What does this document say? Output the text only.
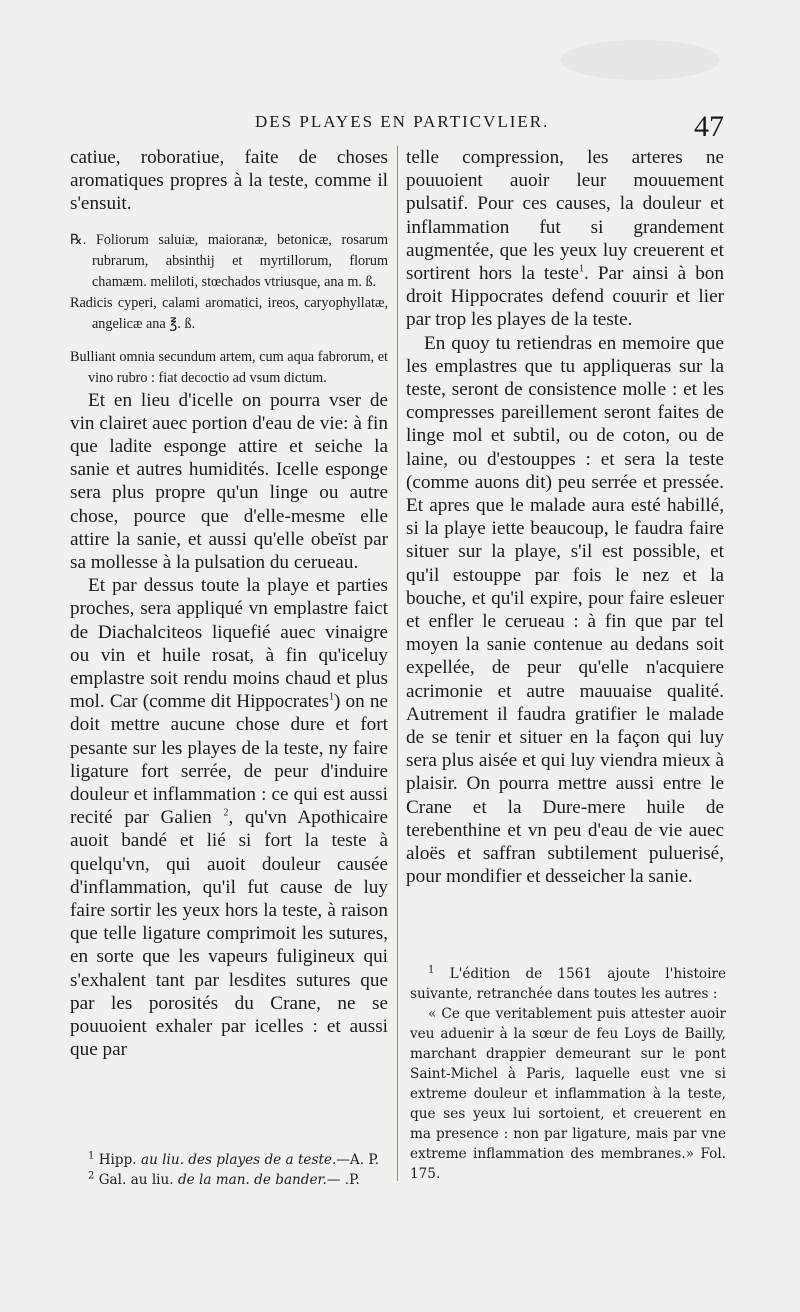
DES PLAYES EN PARTICVLIER.	47

catiue, roboratiue, faite de choses aromatiques propres à la teste, comme il s'ensuit.

℞. Foliorum saluiæ, maioranæ, betonicæ, rosarum rubrarum, absinthij et myrtillorum, florum chamæm. meliloti, stœchados vtriusque, ana m. ß.

Radicis cyperi, calami aromatici, ireos, caryophyllatæ, angelicæ ana ℥. ß.

Bulliant omnia secundum artem, cum aqua fabrorum, et vino rubro : fiat decoctio ad vsum dictum.

Et en lieu d'icelle on pourra vser de vin clairet auec portion d'eau de vie: à fin que ladite esponge attire et seiche la sanie et autres humidités. Icelle esponge sera plus propre qu'un linge ou autre chose, pource que d'elle-mesme elle attire la sanie, et aussi qu'elle obeïst par sa mollesse à la pulsation du cerueau.

Et par dessus toute la playe et parties proches, sera appliqué vn emplastre faict de Diachalciteos liquefié auec vinaigre ou vin et huile rosat, à fin qu'iceluy emplastre soit rendu moins chaud et plus mol. Car (comme dit Hippocrates$^1$) on ne doit mettre aucune chose dure et fort pesante sur les playes de la teste, ny faire ligature fort serrée, de peur d'induire douleur et inflammation : ce qui est aussi recité par Galien $^2$, qu'vn Apothicaire auoit bandé et lié si fort la teste à quelqu'vn, qui auoit douleur causée d'inflammation, qu'il fut cause de luy faire sortir les yeux hors la teste, à raison que telle ligature comprimoit les sutures, en sorte que les vapeurs fuligineux qui s'exhalent tant par lesdites sutures que par les porosités du Crane, ne se pouuoient exhaler par icelles : et aussi que par

$^1$ Hipp. au liu. des playes de a teste.—A. P.

$^2$ Gal. au liu. de la man. de bander.— .P.

telle compression, les arteres ne pouuoient auoir leur mouuement pulsatif. Pour ces causes, la douleur et inflammation fut si grandement augmentée, que les yeux luy creuerent et sortirent hors la teste$^1$. Par ainsi à bon droit Hippocrates defend couurir et lier par trop les playes de la teste.

En quoy tu retiendras en memoire que les emplastres que tu appliqueras sur la teste, seront de consistence molle : et les compresses pareillement seront faites de linge mol et subtil, ou de coton, ou de laine, ou d'estouppes : et sera la teste (comme auons dit) peu serrée et pressée. Et apres que le malade aura esté habillé, si la playe iette beaucoup, le faudra faire situer sur la playe, s'il est possible, et qu'il estouppe par fois le nez et la bouche, et qu'il expire, pour faire esleuer et enfler le cerueau : à fin que par tel moyen la sanie contenue au dedans soit expellée, de peur qu'elle n'acquiere acrimonie et autre mauuaise qualité. Autrement il faudra gratifier le malade de se tenir et situer en la façon qui luy sera plus aisée et qui luy viendra mieux à plaisir. On pourra mettre aussi entre le Crane et la Dure-mere huile de terebenthine et vn peu d'eau de vie auec aloës et saffran subtilement puluerisé, pour mondifier et desseicher la sanie.

$^1$ L'édition de 1561 ajoute l'histoire suivante, retranchée dans toutes les autres :

« Ce que veritablement puis attester auoir veu aduenir à la sœur de feu Loys de Bailly, marchant drappier demeurant sur le pont Saint-Michel à Paris, laquelle eust vne si extreme douleur et inflammation à la teste, que ses yeux lui sortoient, et creuerent en ma presence : non par ligature, mais par vne extreme inflammation des membranes.» Fol. 175.
